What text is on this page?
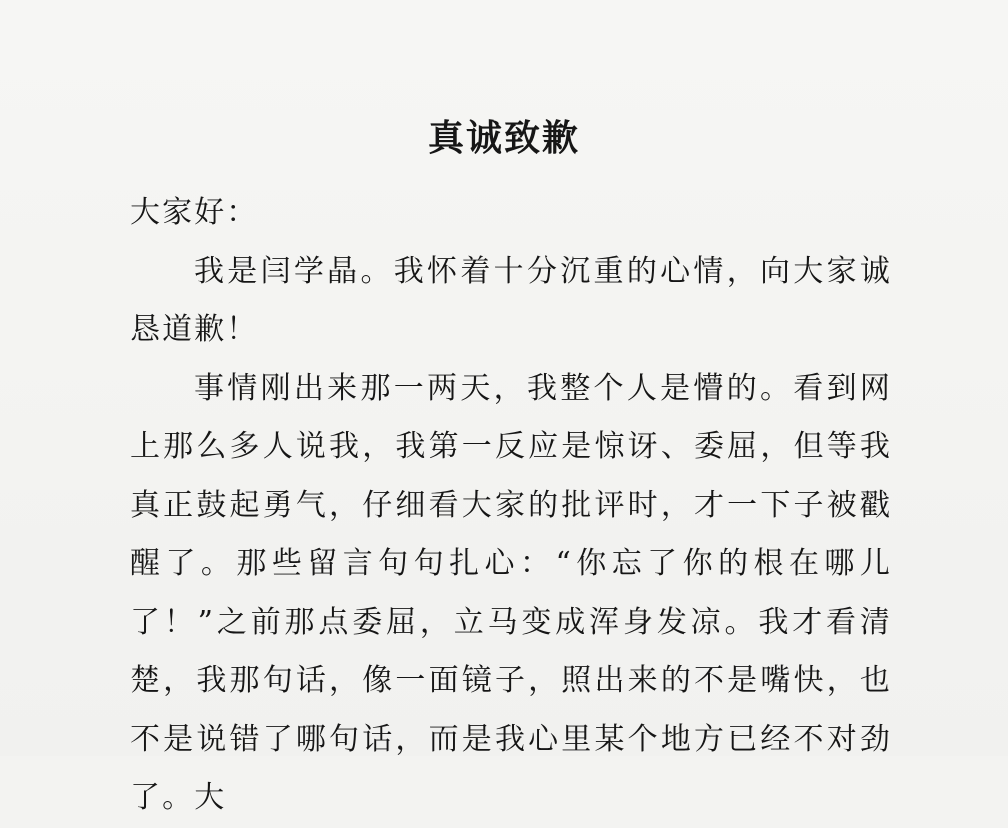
真诚致歉

大家好：

我是闫学晶。我怀着十分沉重的心情，向大家诚恳道歉！

事情刚出来那一两天，我整个人是懵的。看到网上那么多人说我，我第一反应是惊讶、委屈，但等我真正鼓起勇气，仔细看大家的批评时，才一下子被戳醒了。那些留言句句扎心：“你忘了你的根在哪儿了！”之前那点委屈，立马变成浑身发凉。我才看清楚，我那句话，像一面镜子，照出来的不是嘴快，也不是说错了哪句话，而是我心里某个地方已经不对劲了。大
